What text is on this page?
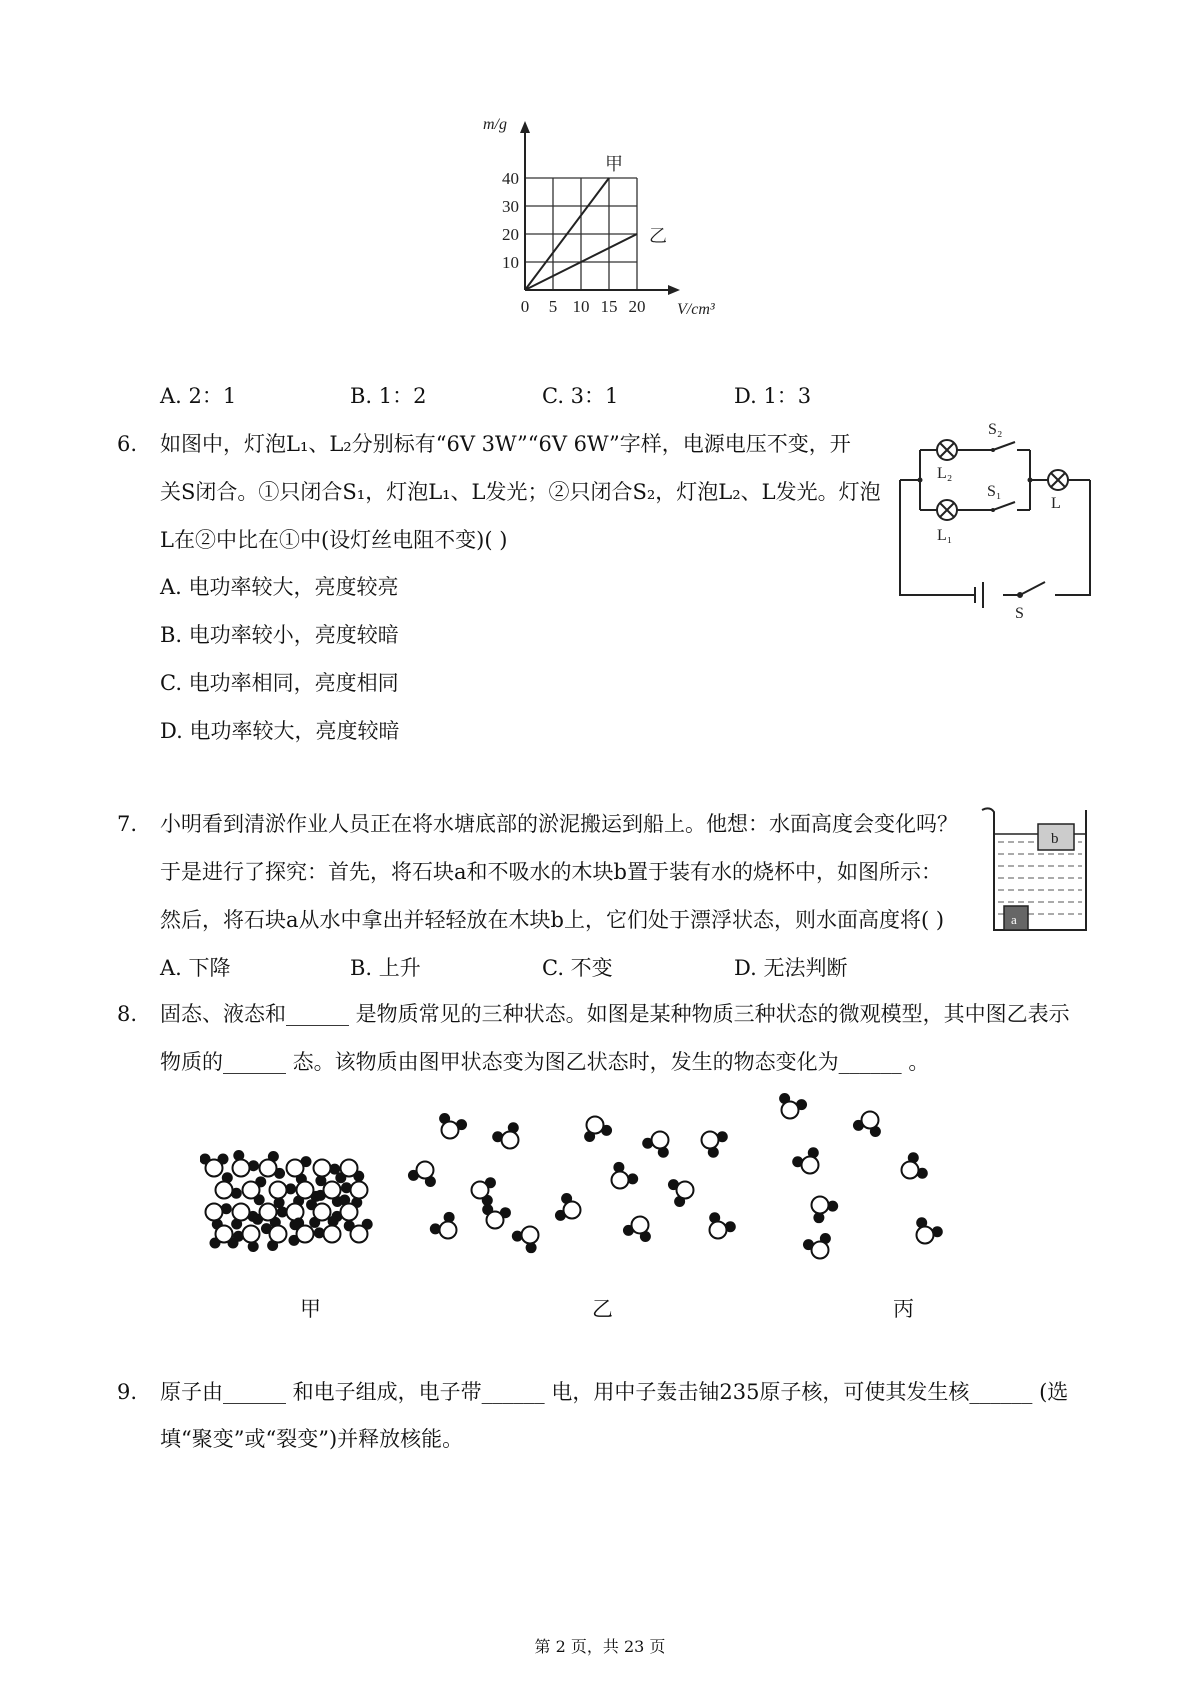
0 5 10 15 20
10
20
30
40
m/g
V/cm³
甲
乙
A. 2：1	B. 1：2	C. 3：1	D. 1：3
6. 如图中，灯泡L₁、L₂分别标有“6V 3W”“6V 6W”字样，电源电压不变，开
关S闭合。①只闭合S₁，灯泡L₁、L发光；②只闭合S₂，灯泡L₂、L发光。灯泡
L在②中比在①中(设灯丝电阻不变)( )
A. 电功率较大，亮度较亮
B. 电功率较小，亮度较暗
C. 电功率相同，亮度相同
D. 电功率较大，亮度较暗
S₂
L₂
S₁
L₁
L
S
7. 小明看到清淤作业人员正在将水塘底部的淤泥搬运到船上。他想：水面高度会变化吗？
于是进行了探究：首先，将石块a和不吸水的木块b置于装有水的烧杯中，如图所示：
然后，将石块a从水中拿出并轻轻放在木块b上，它们处于漂浮状态，则水面高度将( )
A. 下降	B. 上升	C. 不变	D. 无法判断
b
a
8. 固态、液态和______ 是物质常见的三种状态。如图是某种物质三种状态的微观模型，其中图乙表示
物质的______ 态。该物质由图甲状态变为图乙状态时，发生的物态变化为______ 。
甲	乙	丙
9. 原子由______ 和电子组成，电子带______ 电，用中子轰击铀235原子核，可使其发生核______ (选
填“聚变”或“裂变”)并释放核能。
第 2 页，共 23 页
